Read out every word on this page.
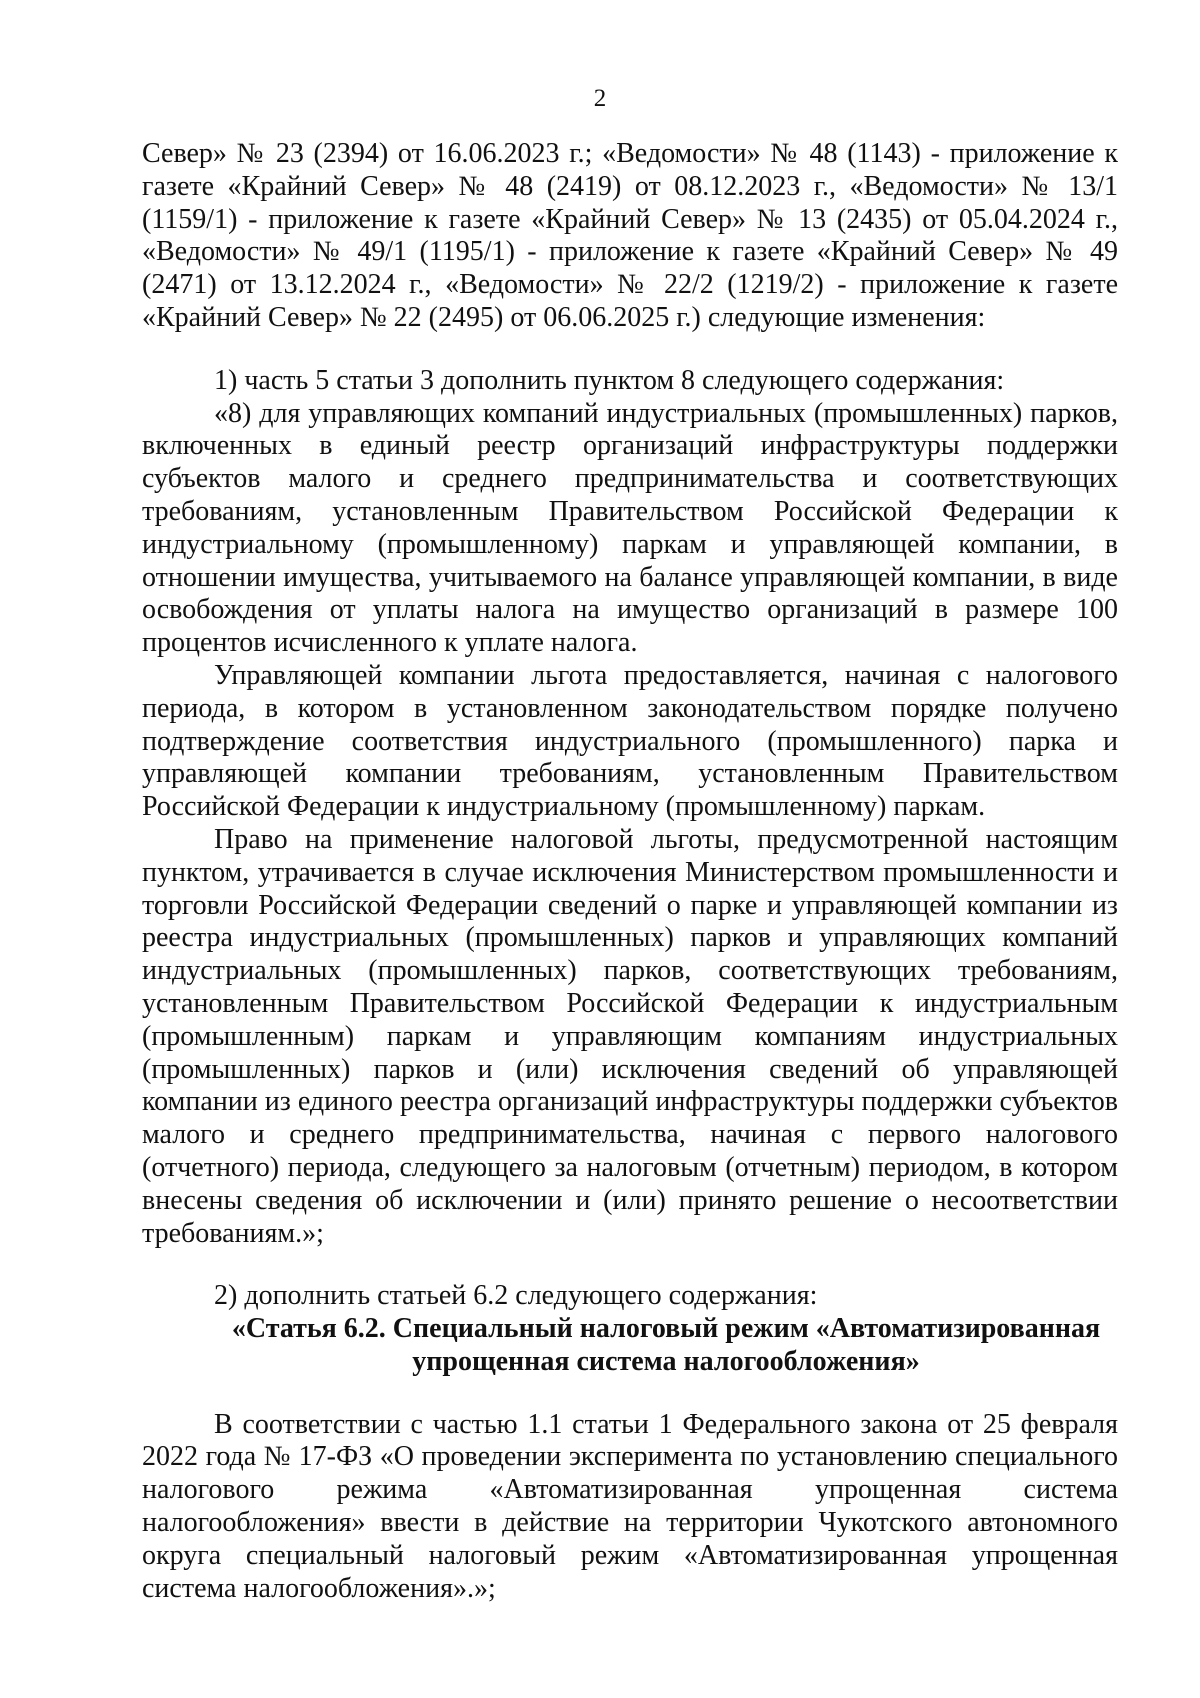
2

Север» № 23 (2394) от 16.06.2023 г.; «Ведомости» № 48 (1143) - приложение к газете «Крайний Север» № 48 (2419) от 08.12.2023 г., «Ведомости» № 13/1 (1159/1) - приложение к газете «Крайний Север» № 13 (2435) от 05.04.2024 г., «Ведомости» № 49/1 (1195/1) - приложение к газете «Крайний Север» № 49 (2471) от 13.12.2024 г., «Ведомости» № 22/2 (1219/2) - приложение к газете «Крайний Север» № 22 (2495) от 06.06.2025 г.) следующие изменения:

1) часть 5 статьи 3 дополнить пунктом 8 следующего содержания:

«8) для управляющих компаний индустриальных (промышленных) парков, включенных в единый реестр организаций инфраструктуры поддержки субъектов малого и среднего предпринимательства и соответствующих требованиям, установленным Правительством Российской Федерации к индустриальному (промышленному) паркам и управляющей компании, в отношении имущества, учитываемого на балансе управляющей компании, в виде освобождения от уплаты налога на имущество организаций в размере 100 процентов исчисленного к уплате налога.

Управляющей компании льгота предоставляется, начиная с налогового периода, в котором в установленном законодательством порядке получено подтверждение соответствия индустриального (промышленного) парка и управляющей компании требованиям, установленным Правительством Российской Федерации к индустриальному (промышленному) паркам.

Право на применение налоговой льготы, предусмотренной настоящим пунктом, утрачивается в случае исключения Министерством промышленности и торговли Российской Федерации сведений о парке и управляющей компании из реестра индустриальных (промышленных) парков и управляющих компаний индустриальных (промышленных) парков, соответствующих требованиям, установленным Правительством Российской Федерации к индустриальным (промышленным) паркам и управляющим компаниям индустриальных (промышленных) парков и (или) исключения сведений об управляющей компании из единого реестра организаций инфраструктуры поддержки субъектов малого и среднего предпринимательства, начиная с первого налогового (отчетного) периода, следующего за налоговым (отчетным) периодом, в котором внесены сведения об исключении и (или) принято решение о несоответствии требованиям.»;

2) дополнить статьей 6.2 следующего содержания:

«Статья 6.2. Специальный налоговый режим «Автоматизированная
упрощенная система налогообложения»

В соответствии с частью 1.1 статьи 1 Федерального закона от 25 февраля 2022 года № 17-ФЗ «О проведении эксперимента по установлению специального налогового режима «Автоматизированная упрощенная система налогообложения» ввести в действие на территории Чукотского автономного округа специальный налоговый режим «Автоматизированная упрощенная система налогообложения».»;
